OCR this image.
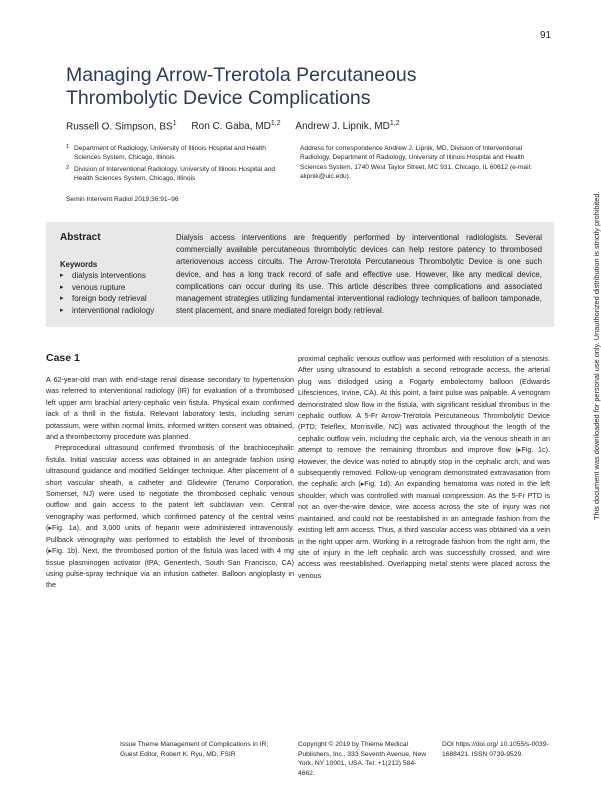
91
Managing Arrow-Trerotola Percutaneous
Thrombolytic Device Complications
Russell O. Simpson, $BS^1$ Ron C. Gaba, MD$^{1,2}$ Andrew J. Lipnik, MD$^{1,2}$
1 Department of Radiology, University of Illinois Hospital and Health Sciences System, Chicago, Illinois
2 Division of Interventional Radiology, University of Illinois Hospital and Health Sciences System, Chicago, Illinois
Address for correspondence Andrew J. Lipnik, MD, Division of Interventional Radiology, Department of Radiology, University of Illinois Hospital and Health Sciences System, 1740 West Taylor Street, MC 931, Chicago, IL 60612 (e-mail: alipnik@uic.edu).
Semin Intervent Radiol 2019;36:91–96
Abstract
Keywords
▸ dialysis interventions
▸ venous rupture
▸ foreign body retrieval
▸ interventional radiology
Dialysis access interventions are frequently performed by interventional radiologists. Several commercially available percutaneous thrombolytic devices can help restore patency to thrombosed arteriovenous access circuits. The Arrow-Trerotola Percutaneous Thrombolytic Device is one such device, and has a long track record of safe and effective use. However, like any medical device, complications can occur during its use. This article describes three complications and associated management strategies utilizing fundamental interventional radiology techniques of balloon tamponade, stent placement, and snare mediated foreign body retrieval.
Case 1

A 62-year-old man with end-stage renal disease secondary to hypertension was referred to interventional radiology (IR) for evaluation of a thrombosed left upper arm brachial artery-cephalic vein fistula. Physical exam confirmed lack of a thrill in the fistula. Relevant laboratory tests, including serum potassium, were within normal limits, informed written consent was obtained, and a thrombectomy procedure was planned.

Preprocedural ultrasound confirmed thrombosis of the brachiocephalic fistula. Initial vascular access was obtained in an antegrade fashion using ultrasound guidance and modified Seldinger technique. After placement of a short vascular sheath, a catheter and Glidewire (Terumo Corporation, Somerset, NJ) were used to negotiate the thrombosed cephalic venous outflow and gain access to the patent left subclavian vein. Central venography was performed, which confirmed patency of the central veins (▸Fig. 1a), and 3,000 units of heparin were administered intravenously. Pullback venography was performed to establish the level of thrombosis (▸Fig. 1b). Next, the thrombosed portion of the fistula was laced with 4 mg tissue plasminogen activator (tPA; Genentech, South San Francisco, CA) using pulse-spray technique via an infusion catheter. Balloon angioplasty in the

proximal cephalic venous outflow was performed with resolution of a stenosis. After using ultrasound to establish a second retrograde access, the arterial plug was dislodged using a Fogarty embolectomy balloon (Edwards Lifesciences, Irvine, CA). At this point, a faint pulse was palpable. A venogram demonstrated slow flow in the fistula, with significant residual thrombus in the cephalic outflow. A 5-Fr Arrow-Trerotola Percutaneous Thrombolytic Device (PTD; Teleflex, Morrisville, NC) was activated throughout the length of the cephalic outflow vein, including the cephalic arch, via the venous sheath in an attempt to remove the remaining thrombus and improve flow (▸Fig. 1c). However, the device was noted to abruptly stop in the cephalic arch, and was subsequently removed. Follow-up venogram demonstrated extravasation from the cephalic arch (▸Fig. 1d). An expanding hematoma was noted in the left shoulder, which was controlled with manual compression. As the 5-Fr PTD is not an over-the-wire device, wire access across the site of injury was not maintained, and could not be reestablished in an antegrade fashion from the existing left arm access. Thus, a third vascular access was obtained via a vein in the right upper arm. Working in a retrograde fashion from the right arm, the site of injury in the left cephalic arch was successfully crossed, and wire access was reestablished. Overlapping metal stents were placed across the venous

Issue Theme Management of Complications in IR; Guest Editor, Robert K. Ryu, MD, FSIR
Copyright © 2019 by Thieme Medical Publishers, Inc., 333 Seventh Avenue, New York, NY 10001, USA. Tel: +1(212) 584-4662.
DOI https://doi.org/ 10.1055/s-0039-1688421. ISSN 0739-9529.
This document was downloaded for personal use only. Unauthorized distribution is strictly prohibited.
